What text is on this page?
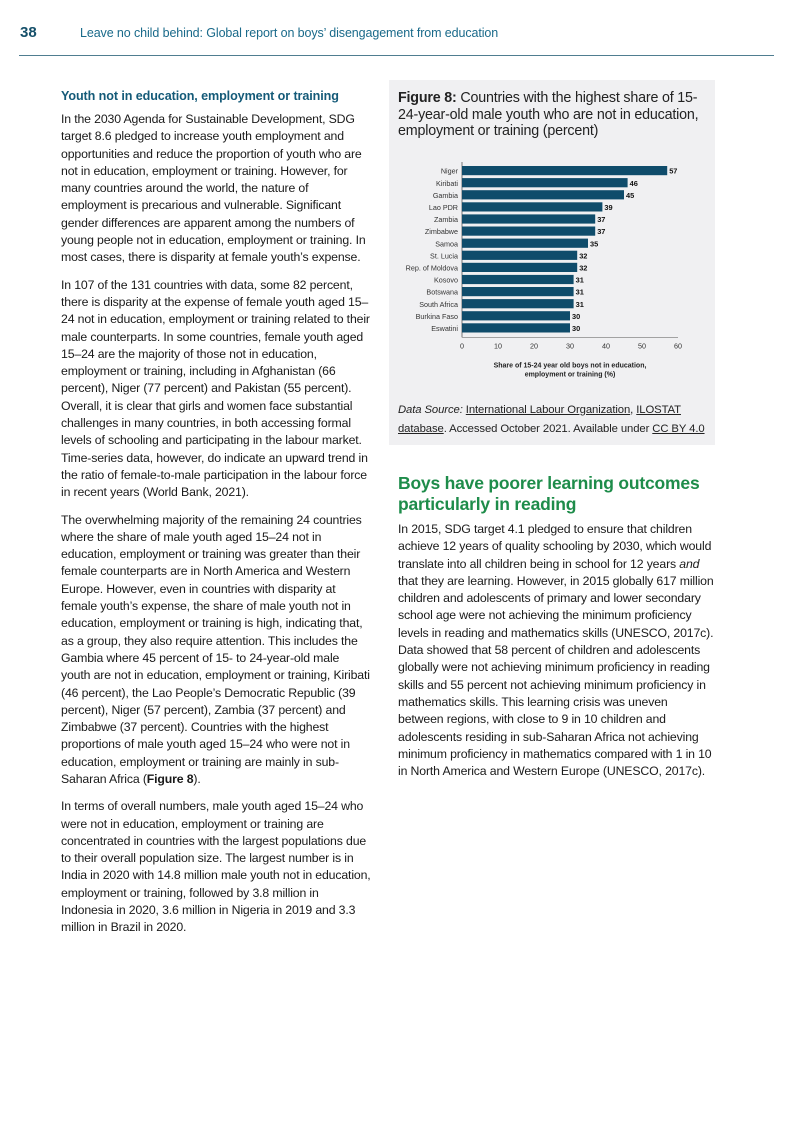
38	Leave no child behind: Global report on boys’ disengagement from education
Youth not in education, employment or training

In the 2030 Agenda for Sustainable Development, SDG target 8.6 pledged to increase youth employment and opportunities and reduce the proportion of youth who are not in education, employment or training. However, for many countries around the world, the nature of employment is precarious and vulnerable. Significant gender differences are apparent among the numbers of young people not in education, employment or training. In most cases, there is disparity at female youth’s expense.

In 107 of the 131 countries with data, some 82 percent, there is disparity at the expense of female youth aged 15–24 not in education, employment or training related to their male counterparts. In some countries, female youth aged 15–24 are the majority of those not in education, employment or training, including in Afghanistan (66 percent), Niger (77 percent) and Pakistan (55 percent). Overall, it is clear that girls and women face substantial challenges in many countries, in both accessing formal levels of schooling and participating in the labour market. Time-series data, however, do indicate an upward trend in the ratio of female-to-male participation in the labour force in recent years (World Bank, 2021).

The overwhelming majority of the remaining 24 countries where the share of male youth aged 15–24 not in education, employment or training was greater than their female counterparts are in North America and Western Europe. However, even in countries with disparity at female youth’s expense, the share of male youth not in education, employment or training is high, indicating that, as a group, they also require attention. This includes the Gambia where 45 percent of 15- to 24-year-old male youth are not in education, employment or training, Kiribati (46 percent), the Lao People’s Democratic Republic (39 percent), Niger (57 percent), Zambia (37 percent) and Zimbabwe (37 percent). Countries with the highest proportions of male youth aged 15–24 who were not in education, employment or training are mainly in sub-Saharan Africa (Figure 8).

In terms of overall numbers, male youth aged 15–24 who were not in education, employment or training are concentrated in countries with the largest populations due to their overall population size. The largest number is in India in 2020 with 14.8 million male youth not in education, employment or training, followed by 3.8 million in Indonesia in 2020, 3.6 million in Nigeria in 2019 and 3.3 million in Brazil in 2020.

Figure 8: Countries with the highest share of 15-24-year-old male youth who are not in education, employment or training (percent)
Niger	57
Kiribati	46
Gambia	45
Lao PDR	39
Zambia	37
Zimbabwe	37
Samoa	35
St. Lucia	32
Rep. of Moldova	32
Kosovo	31
Botswana	31
South Africa	31
Burkina Faso	30
Eswatini	30
0	10	20	30	40	50	60
Share of 15-24 year old boys not in education,
employment or training (%)
Data Source: International Labour Organization, ILOSTAT database. Accessed October 2021. Available under CC BY 4.0
Boys have poorer learning outcomes particularly in reading

In 2015, SDG target 4.1 pledged to ensure that children achieve 12 years of quality schooling by 2030, which would translate into all children being in school for 12 years and that they are learning. However, in 2015 globally 617 million children and adolescents of primary and lower secondary school age were not achieving the minimum proficiency levels in reading and mathematics skills (UNESCO, 2017c). Data showed that 58 percent of children and adolescents globally were not achieving minimum proficiency in reading skills and 55 percent not achieving minimum proficiency in mathematics skills. This learning crisis was uneven between regions, with close to 9 in 10 children and adolescents residing in sub-Saharan Africa not achieving minimum proficiency in mathematics compared with 1 in 10 in North America and Western Europe (UNESCO, 2017c).
